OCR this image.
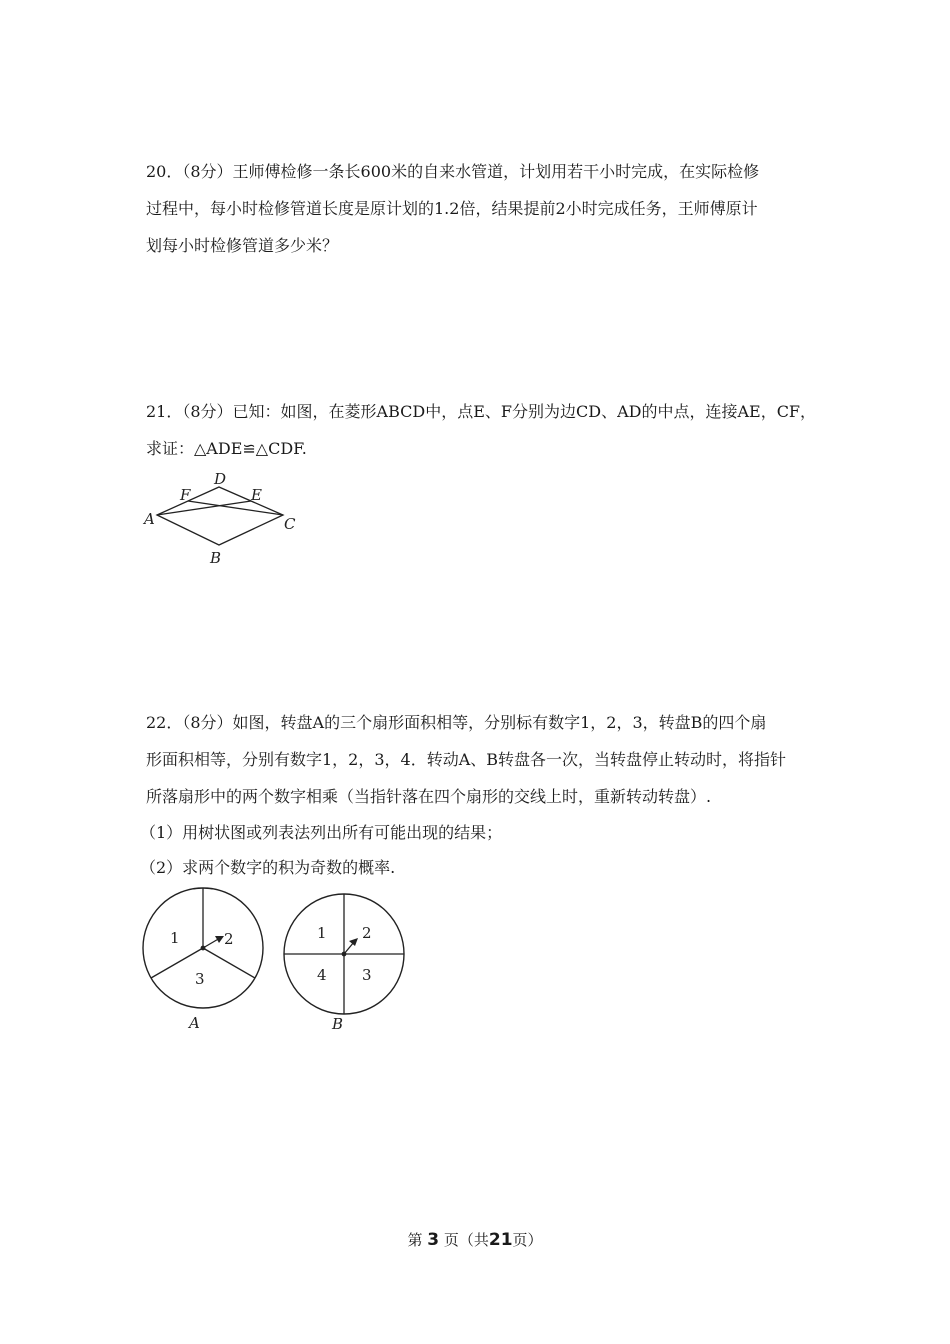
20．（8分）王师傅检修一条长600米的自来水管道，计划用若干小时完成，在实际检修
过程中，每小时检修管道长度是原计划的1.2倍，结果提前2小时完成任务，王师傅原计
划每小时检修管道多少米？
21．（8分）已知：如图，在菱形ABCD中，点E、F分别为边CD、AD的中点，连接AE，CF，
求证：△ADE≌△CDF.
A
D
F	E
C
B
22．（8分）如图，转盘A的三个扇形面积相等，分别标有数字1，2，3，转盘B的四个扇
形面积相等，分别有数字1，2，3，4．转动A、B转盘各一次，当转盘停止转动时，将指针
所落扇形中的两个数字相乘（当指针落在四个扇形的交线上时，重新转动转盘）.
（1）用树状图或列表法列出所有可能出现的结果；
（2）求两个数字的积为奇数的概率.
1	2
3
A
1 2
3
4
B
第 3 页（共21页）
